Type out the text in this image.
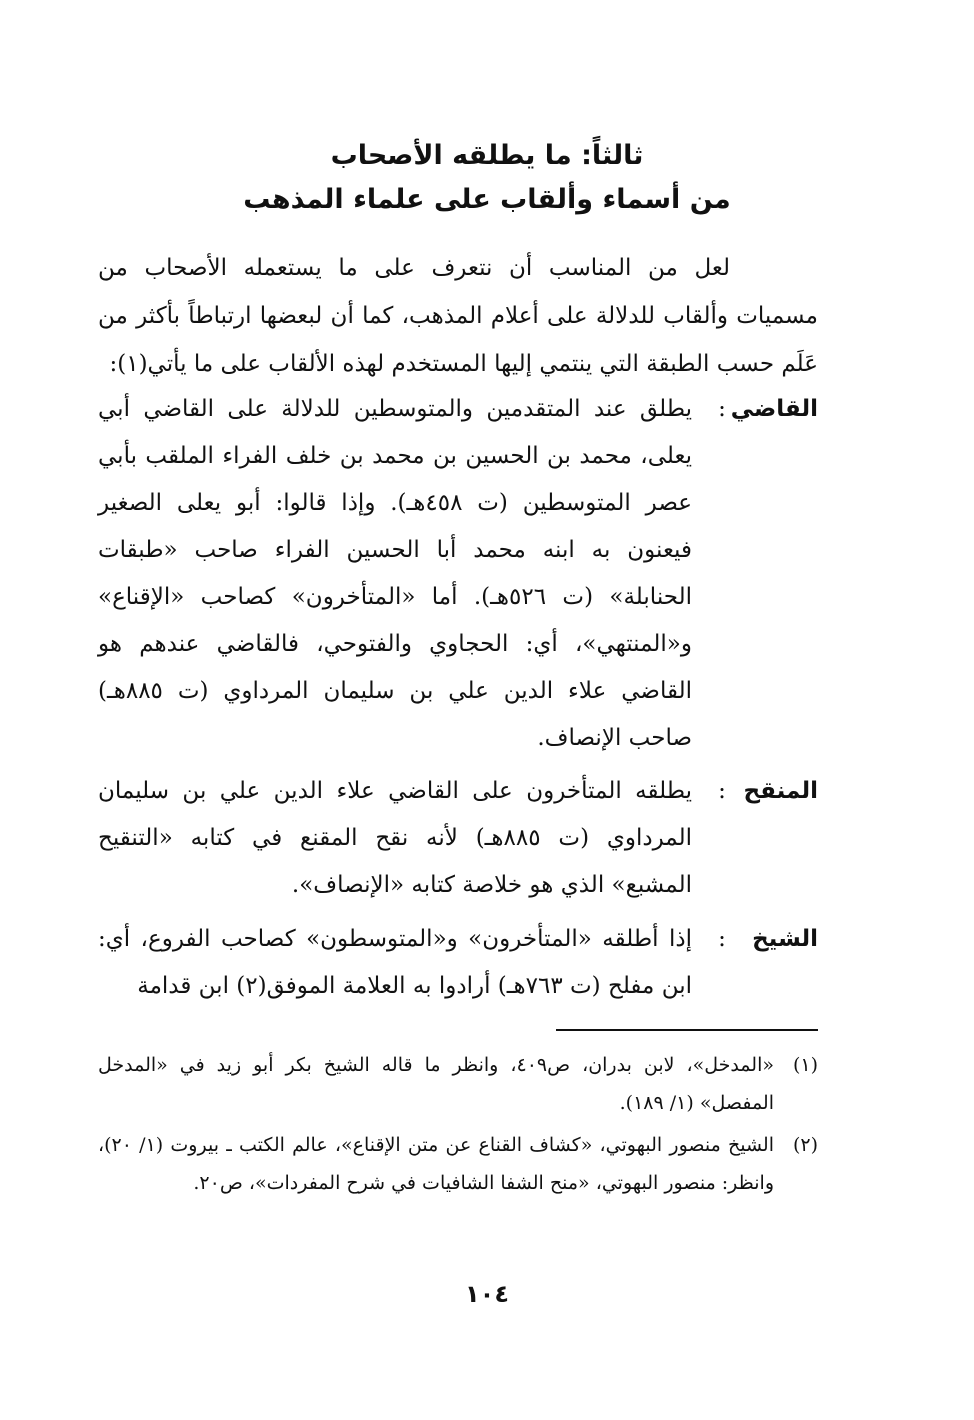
ثالثاً: ما يطلقه الأصحاب
من أسماء وألقاب على علماء المذهب
لعل من المناسب أن نتعرف على ما يستعمله الأصحاب من مسميات وألقاب للدلالة على أعلام المذهب، كما أن لبعضها ارتباطاً بأكثر من عَلَم حسب الطبقة التي ينتمي إليها المستخدم لهذه الألقاب على ما يأتي(١):
القاضي
:
يطلق عند المتقدمين والمتوسطين للدلالة على القاضي أبي يعلى، محمد بن الحسين بن محمد بن خلف الفراء الملقب بأبي عصر المتوسطين (ت ٤٥٨هـ). وإذا قالوا: أبو يعلى الصغير فيعنون به ابنه محمد أبا الحسين الفراء صاحب «طبقات الحنابلة» (ت ٥٢٦هـ). أما «المتأخرون» كصاحب «الإقناع» و«المنتهي»، أي: الحجاوي والفتوحي، فالقاضي عندهم هو القاضي علاء الدين علي بن سليمان المرداوي (ت ٨٨٥هـ) صاحب الإنصاف.
المنقح
:
يطلقه المتأخرون على القاضي علاء الدين علي بن سليمان المرداوي (ت ٨٨٥هـ) لأنه نقح المقنع في كتابه «التنقيح المشبع» الذي هو خلاصة كتابه «الإنصاف».
الشيخ
:
إذا أطلقه «المتأخرون» و«المتوسطون» كصاحب الفروع، أي: ابن مفلح (ت ٧٦٣هـ) أرادوا به العلامة الموفق(٢) ابن قدامة
(١)
«المدخل»، لابن بدران، ص٤٠٩، وانظر ما قاله الشيخ بكر أبو زيد في «المدخل المفصل» (١/ ١٨٩).
(٢)
الشيخ منصور البهوتي، «كشاف القناع عن متن الإقناع»، عالم الكتب ـ بيروت (١/ ٢٠)، وانظر: منصور البهوتي، «منح الشفا الشافيات في شرح المفردات»، ص٢٠.
١٠٤
